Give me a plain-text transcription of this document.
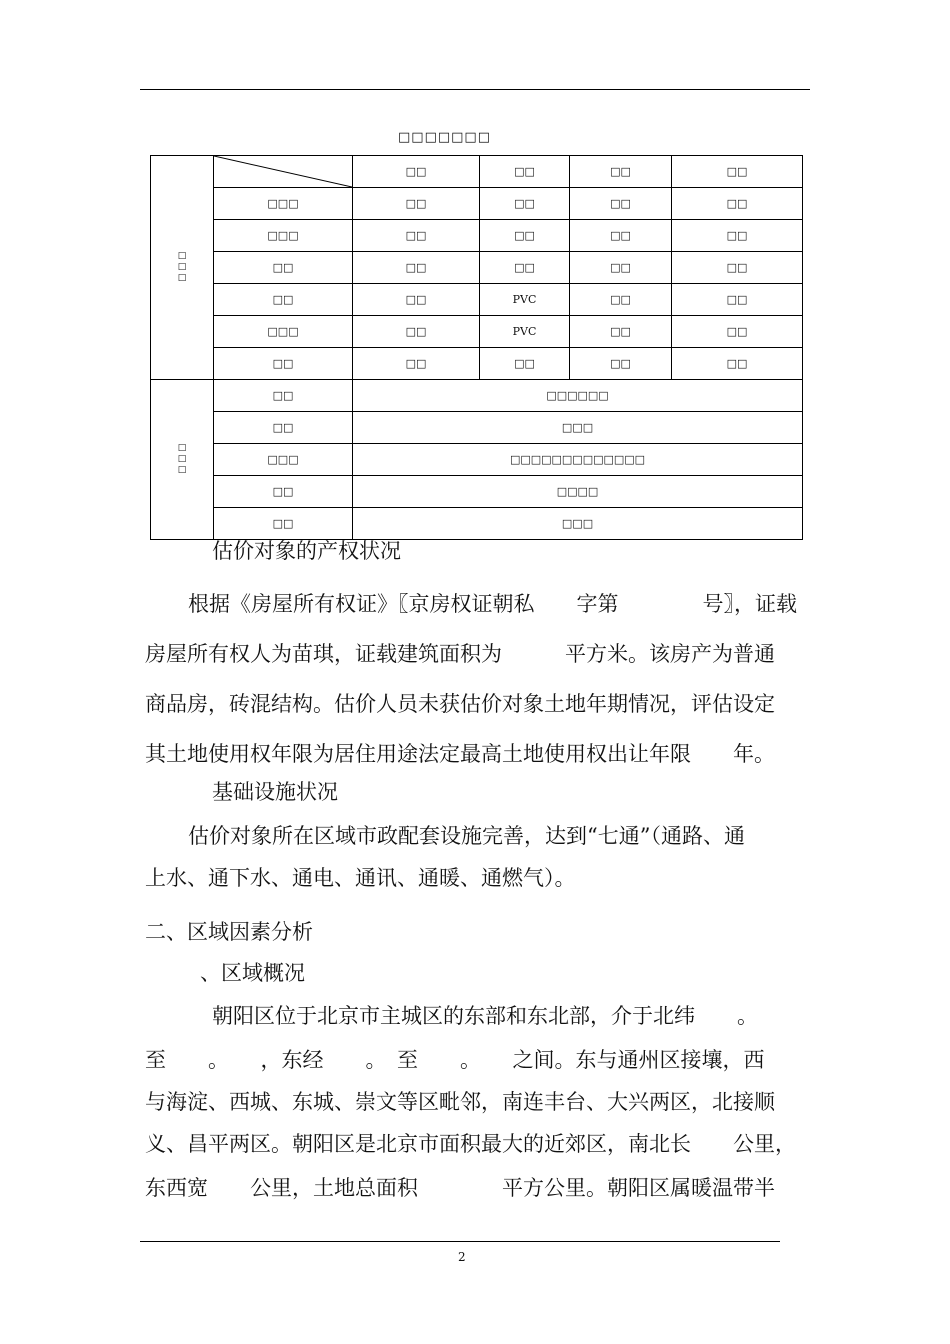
□□□□□□□
□
□
□		□□	□□	□□	□□
	□□□	□□	□□	□□	□□
	□□□	□□	□□	□□	□□
	□□	□□	□□	□□	□□
	□□	□□	PVC	□□	□□
	□□□	□□	PVC	□□	□□
	□□	□□	□□	□□	□□
□
□
□	□□	□□□□□□			
	□□	□□□			
	□□□	□□□□□□□□□□□□□			
	□□	□□□□			
	□□	□□□			
估价对象的产权状况
根据《房屋所有权证》〖京房权证朝私　　字第　　　　号〗，证载
房屋所有权人为苗琪，证载建筑面积为　　　平方米。该房产为普通
商品房，砖混结构。估价人员未获估价对象土地年期情况，评估设定
其土地使用权年限为居住用途法定最高土地使用权出让年限　　年。
基础设施状况
估价对象所在区域市政配套设施完善，达到“七通”（通路、通
上水、通下水、通电、通讯、通暖、通燃气）。
二、区域因素分析
、区域概况
朝阳区位于北京市主城区的东部和东北部，介于北纬　　。
至　　。　　，东经　　。　至　　。　　之间。东与通州区接壤，西
与海淀、西城、东城、崇文等区毗邻，南连丰台、大兴两区，北接顺
义、昌平两区。朝阳区是北京市面积最大的近郊区，南北长　　公里，
东西宽　　公里，土地总面积　　　　平方公里。朝阳区属暖温带半
2
